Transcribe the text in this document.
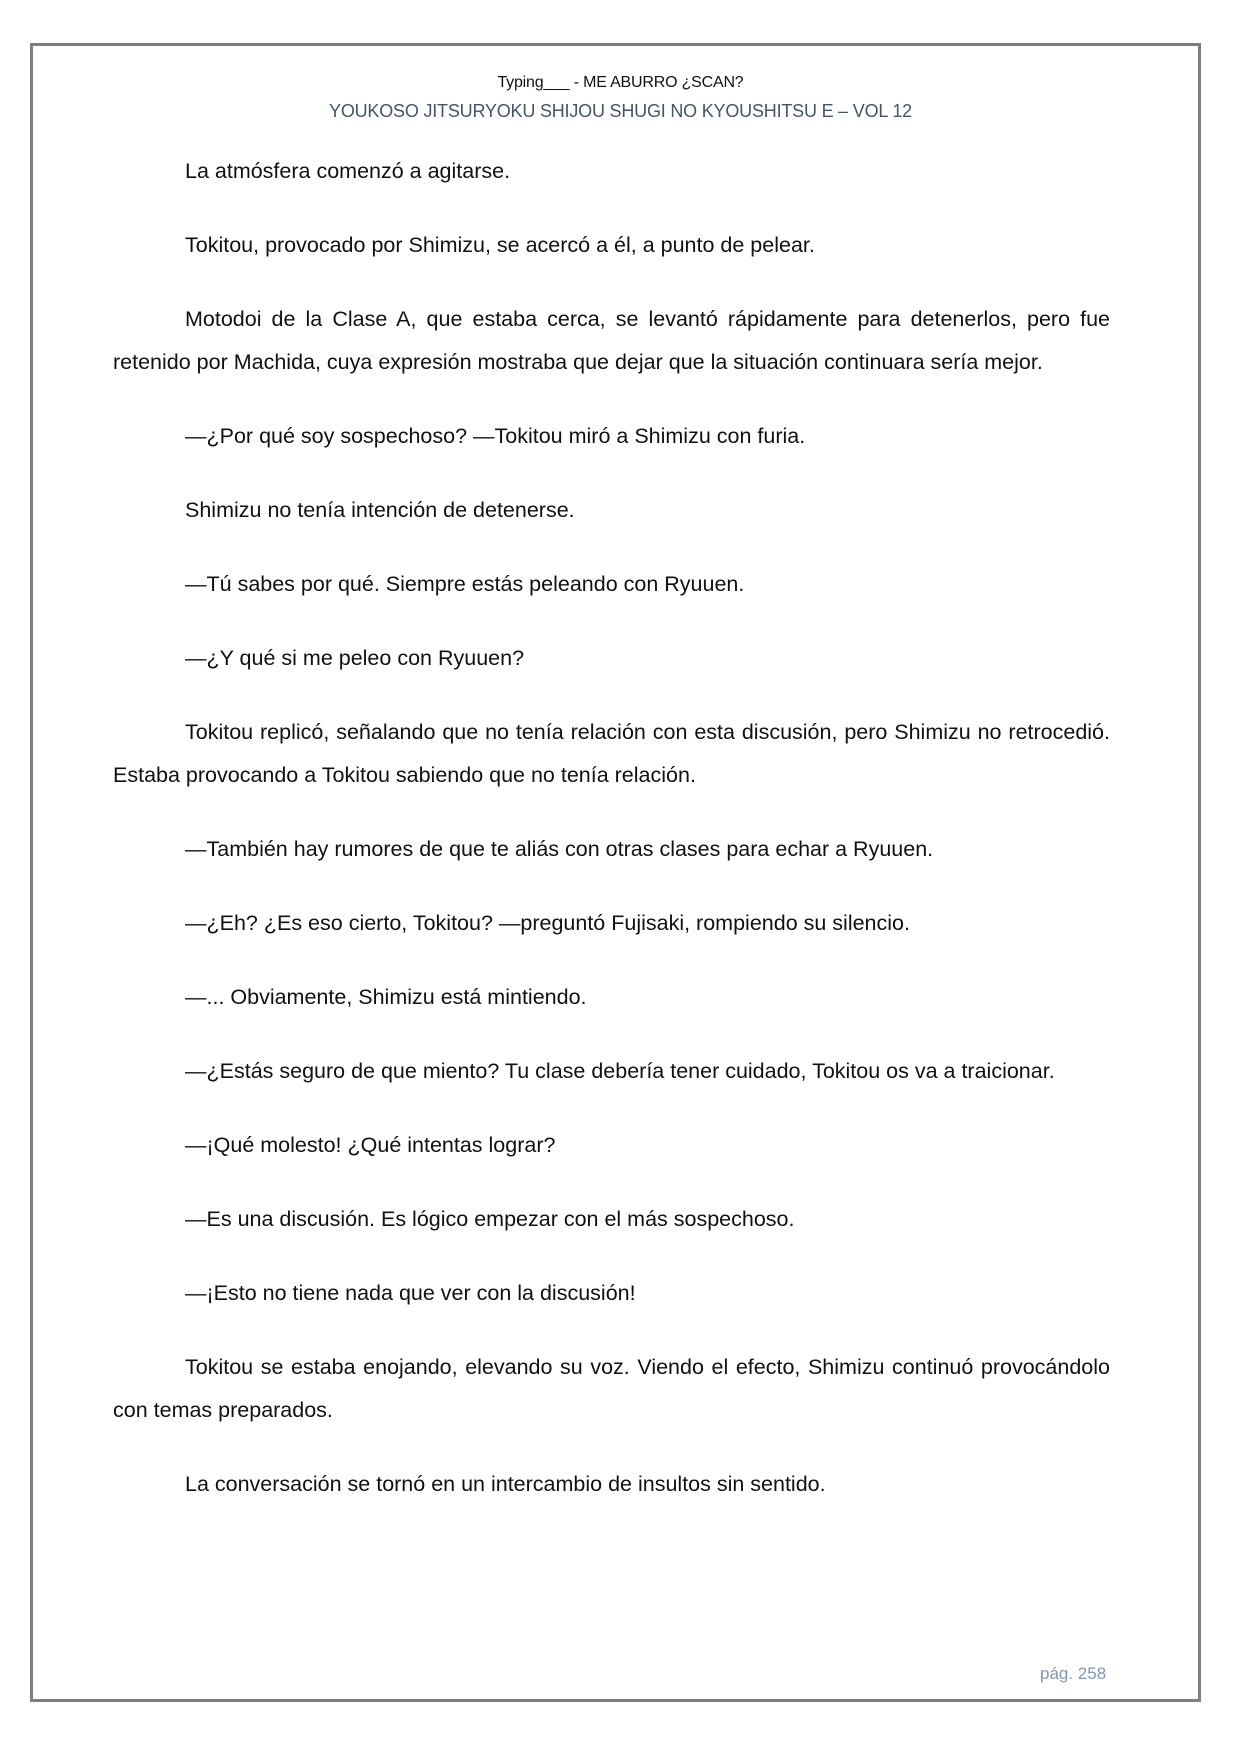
Typing___ - ME ABURRO ¿SCAN?
YOUKOSO JITSURYOKU SHIJOU SHUGI NO KYOUSHITSU E – VOL 12

La atmósfera comenzó a agitarse.

Tokitou, provocado por Shimizu, se acercó a él, a punto de pelear.

Motodoi de la Clase A, que estaba cerca, se levantó rápidamente para detenerlos, pero fue retenido por Machida, cuya expresión mostraba que dejar que la situación continuara sería mejor.

—¿Por qué soy sospechoso? —Tokitou miró a Shimizu con furia.

Shimizu no tenía intención de detenerse.

—Tú sabes por qué. Siempre estás peleando con Ryuuen.

—¿Y qué si me peleo con Ryuuen?

Tokitou replicó, señalando que no tenía relación con esta discusión, pero Shimizu no retrocedió. Estaba provocando a Tokitou sabiendo que no tenía relación.

—También hay rumores de que te aliás con otras clases para echar a Ryuuen.

—¿Eh? ¿Es eso cierto, Tokitou? —preguntó Fujisaki, rompiendo su silencio.

—... Obviamente, Shimizu está mintiendo.

—¿Estás seguro de que miento? Tu clase debería tener cuidado, Tokitou os va a traicionar.

—¡Qué molesto! ¿Qué intentas lograr?

—Es una discusión. Es lógico empezar con el más sospechoso.

—¡Esto no tiene nada que ver con la discusión!

Tokitou se estaba enojando, elevando su voz. Viendo el efecto, Shimizu continuó provocándolo con temas preparados.

La conversación se tornó en un intercambio de insultos sin sentido.

pág. 258
